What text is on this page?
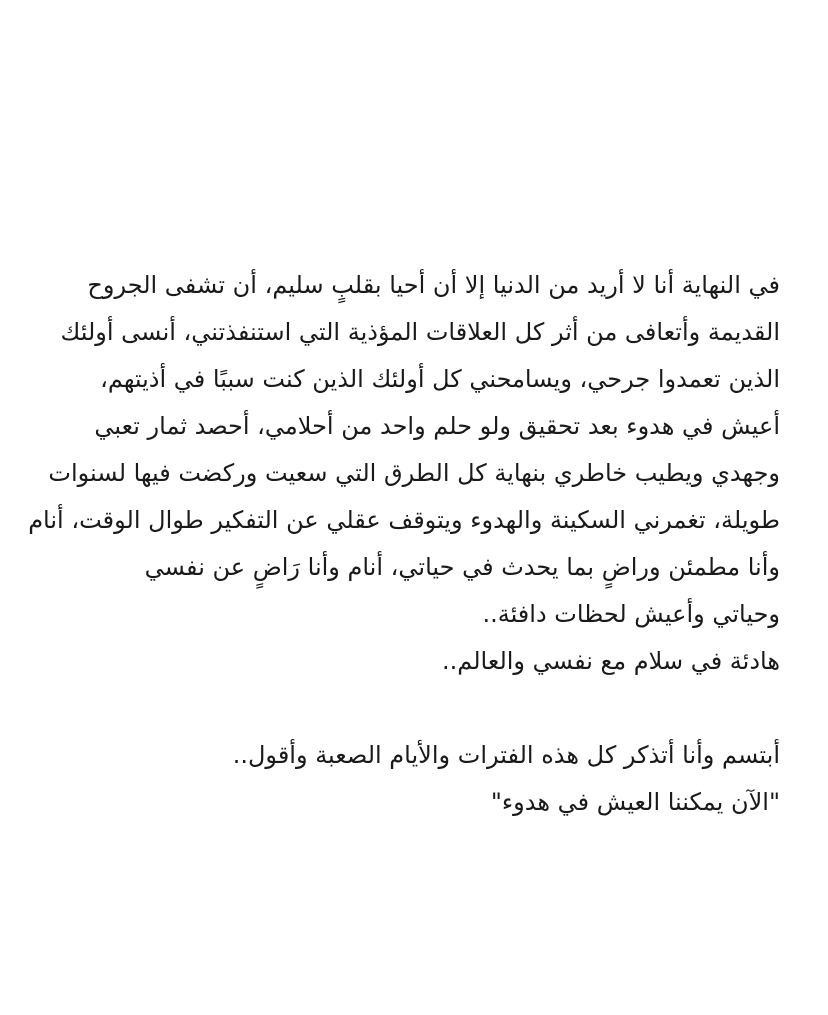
في النهاية أنا لا أريد من الدنيا إلا أن أحيا بقلبٍ سليم، أن تشفى الجروح
القديمة وأتعافى من أثر كل العلاقات المؤذية التي استنفذتني، أنسى أولئك
الذين تعمدوا جرحي، ويسامحني كل أولئك الذين كنت سببًا في أذيتهم،
أعيش في هدوء بعد تحقيق ولو حلم واحد من أحلامي، أحصد ثمار تعبي
وجهدي ويطيب خاطري بنهاية كل الطرق التي سعيت وركضت فيها لسنوات
طويلة، تغمرني السكينة والهدوء ويتوقف عقلي عن التفكير طوال الوقت، أنام
وأنا مطمئن وراضٍ بما يحدث في حياتي، أنام وأنا رَاضٍ عن نفسي
وحياتي وأعيش لحظات دافئة..
هادئة في سلام مع نفسي والعالم..
أبتسم وأنا أتذكر كل هذه الفترات والأيام الصعبة وأقول..
"الآن يمكننا العيش في هدوء"
